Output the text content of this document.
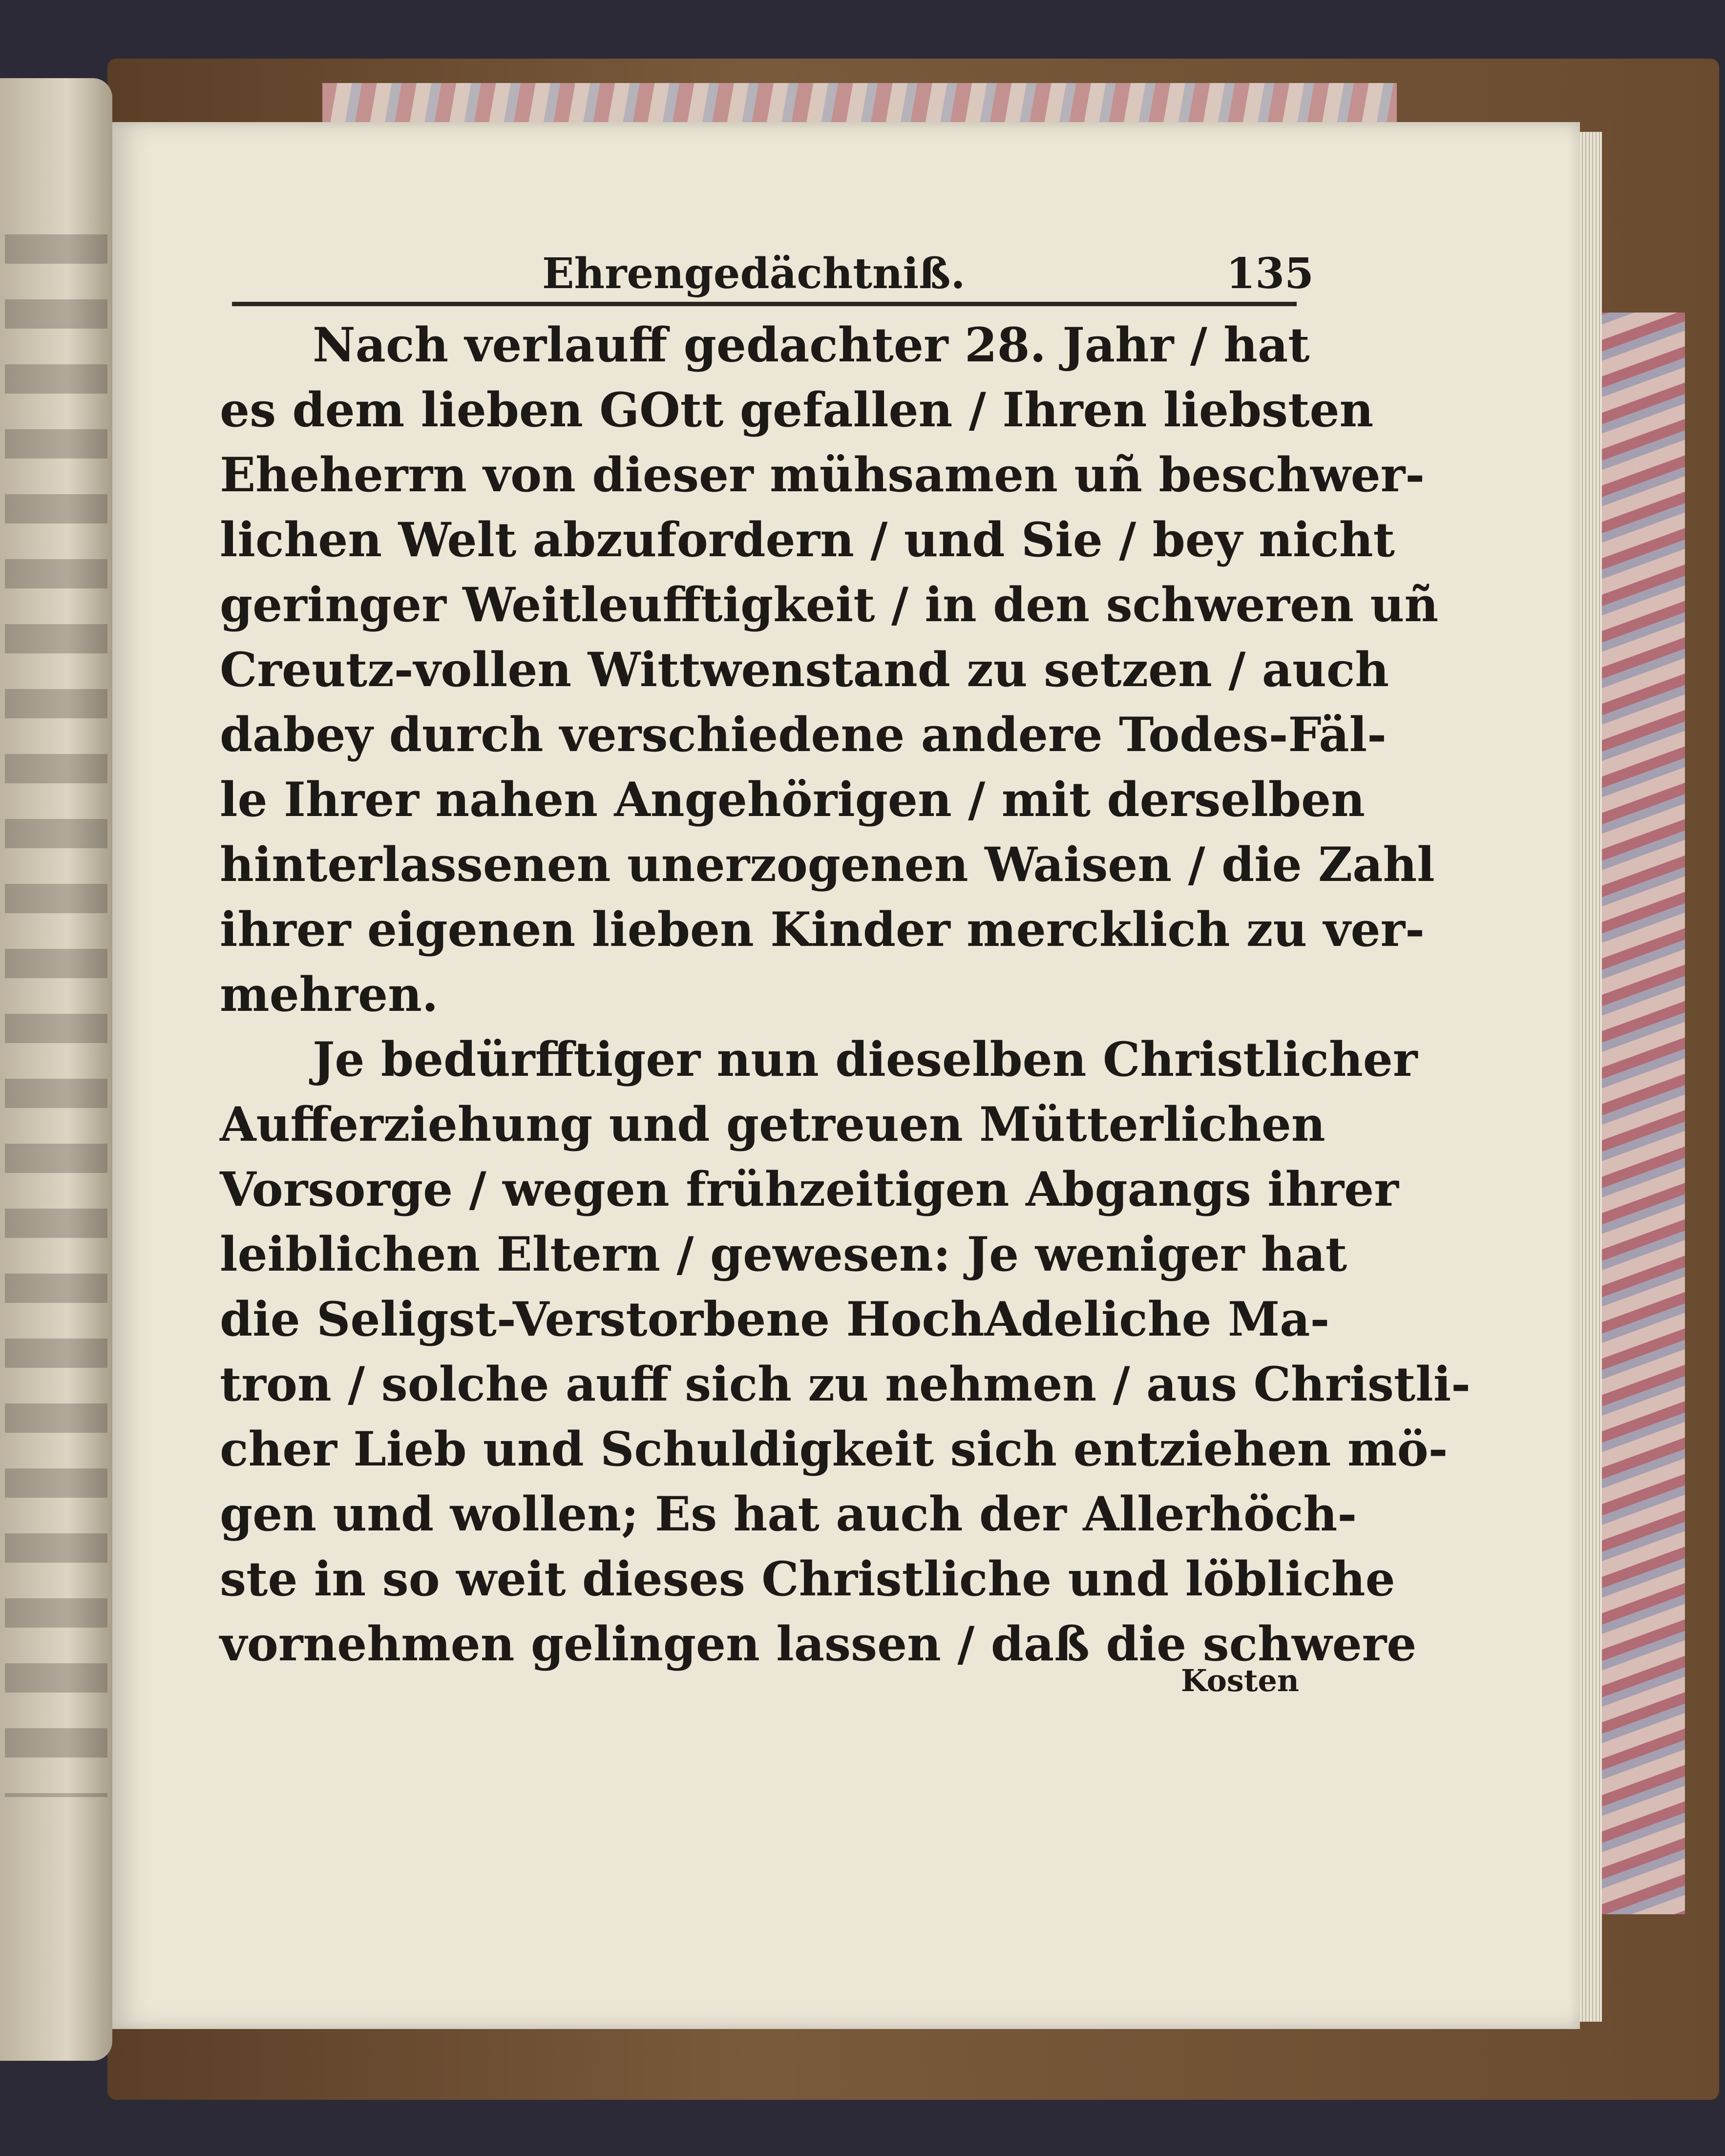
Ehrengedächtniß.	135
Nach verlauff gedachter 28. Jahr / hat
es dem lieben GOtt gefallen / Ihren liebsten
Eheherrn von dieser mühsamen uñ beschwer-
lichen Welt abzufordern / und Sie / bey nicht
geringer Weitleufftigkeit / in den schweren uñ
Creutz-vollen Wittwenstand zu setzen / auch
dabey durch verschiedene andere Todes-Fäl-
le Ihrer nahen Angehörigen / mit derselben
hinterlassenen unerzogenen Waisen / die Zahl
ihrer eigenen lieben Kinder mercklich zu ver-
mehren.
Je bedürfftiger nun dieselben Christlicher
Aufferziehung und getreuen Mütterlichen
Vorsorge / wegen frühzeitigen Abgangs ihrer
leiblichen Eltern / gewesen: Je weniger hat
die Seligst-Verstorbene HochAdeliche Ma-
tron / solche auff sich zu nehmen / aus Christli-
cher Lieb und Schuldigkeit sich entziehen mö-
gen und wollen; Es hat auch der Allerhöch-
ste in so weit dieses Christliche und löbliche
vornehmen gelingen lassen / daß die schwere
Kosten
